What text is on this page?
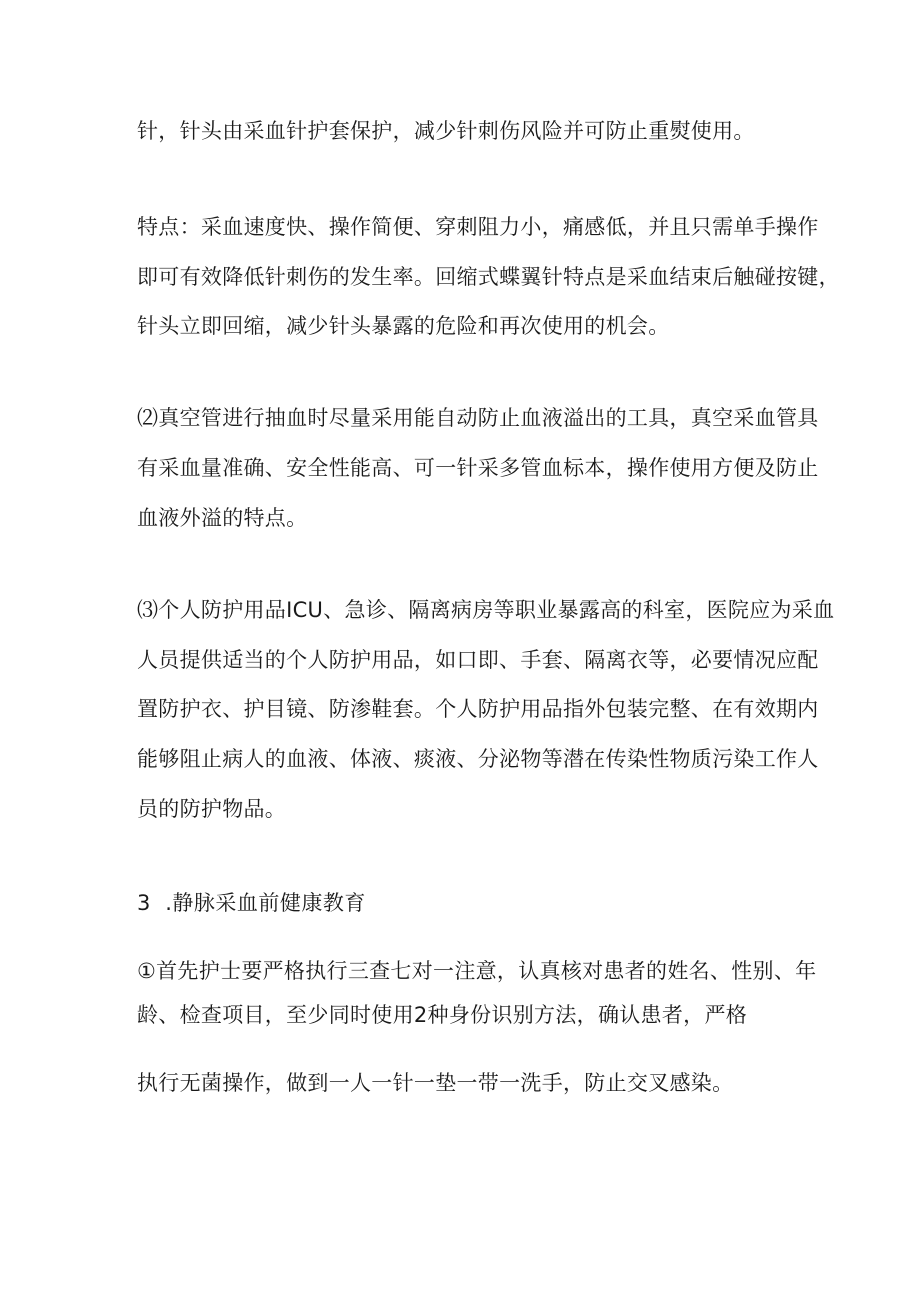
针，针头由采血针护套保护，减少针刺伤风险并可防止重熨使用。
特点：采血速度快、操作简便、穿刺阻力小，痛感低，并且只需单手操作
即可有效降低针刺伤的发生率。回缩式蝶翼针特点是采血结束后触碰按键，
针头立即回缩，减少针头暴露的危险和再次使用的机会。
⑵真空管进行抽血时尽量采用能自动防止血液溢出的工具，真空采血管具
有采血量准确、安全性能高、可一针采多管血标本，操作使用方便及防止
血液外溢的特点。
⑶个人防护用品ICU、急诊、隔离病房等职业暴露高的科室，医院应为采血
人员提供适当的个人防护用品，如口即、手套、隔离衣等，必要情况应配
置防护衣、护目镜、防渗鞋套。个人防护用品指外包装完整、在有效期内
能够阻止病人的血液、体液、痰液、分泌物等潜在传染性物质污染工作人
员的防护物品。
3  .静脉采血前健康教育
①首先护士要严格执行三查七对一注意，认真核对患者的姓名、性别、年
龄、检查项目，至少同时使用2种身份识别方法，确认患者，严格
执行无菌操作，做到一人一针一垫一带一洗手，防止交叉感染。
